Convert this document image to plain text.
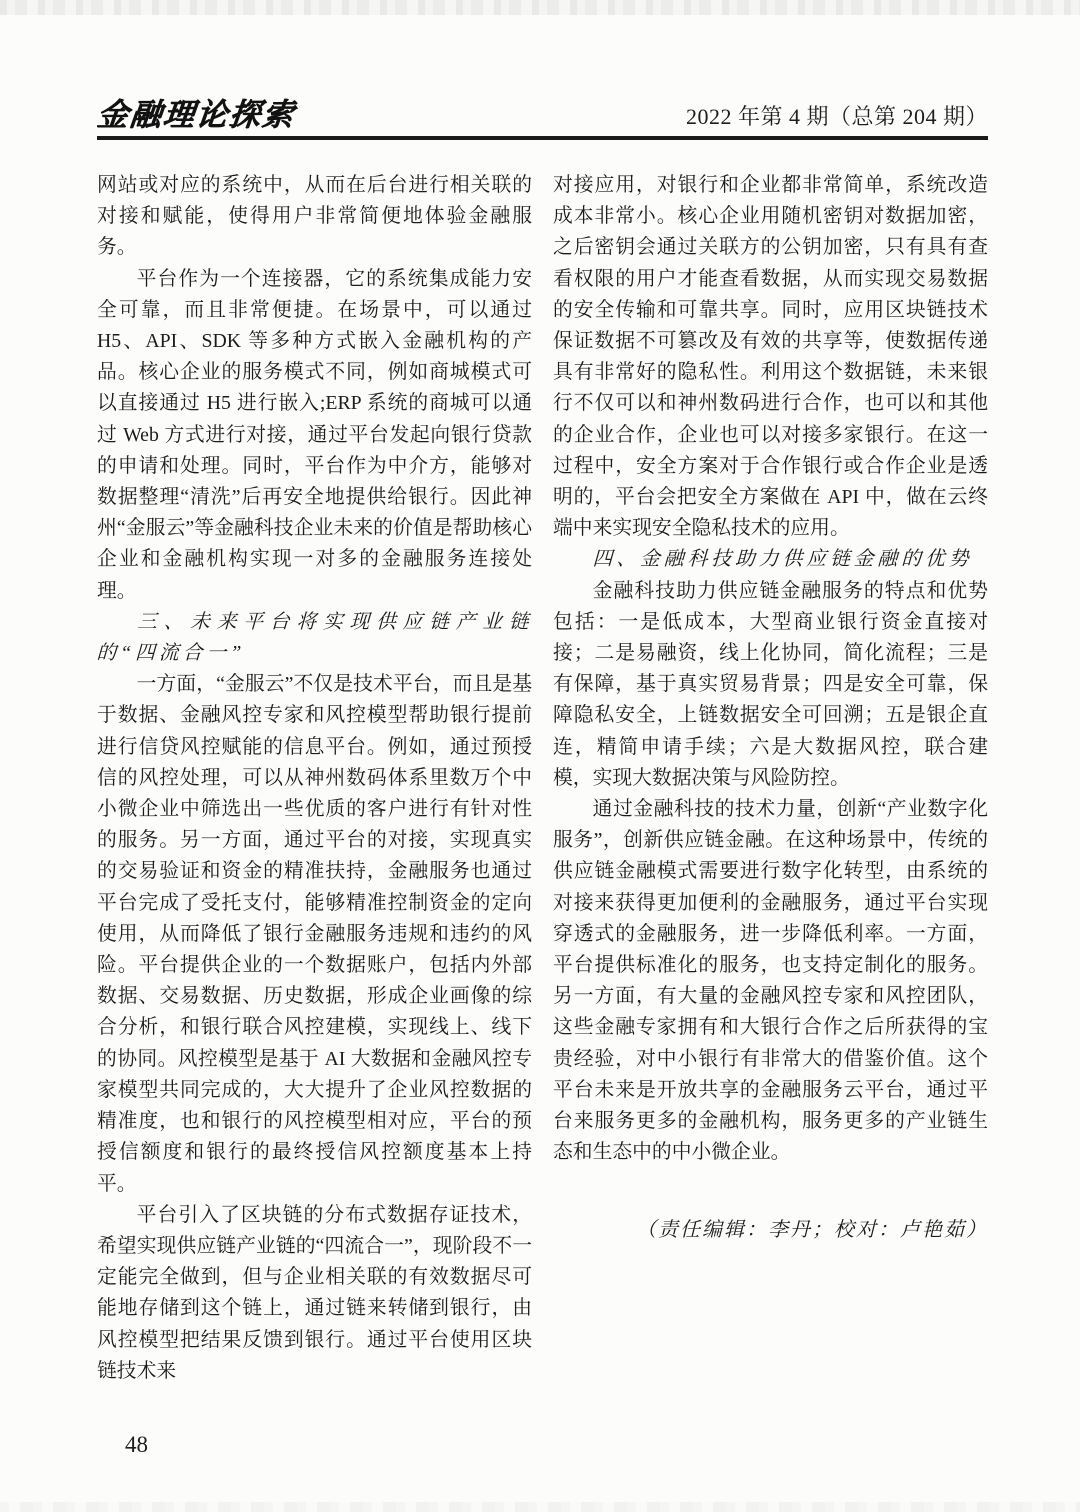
金融理论探索	2022 年第 4 期（总第 204 期）

网站或对应的系统中，从而在后台进行相关联的对接和赋能，使得用户非常简便地体验金融服务。

平台作为一个连接器，它的系统集成能力安全可靠，而且非常便捷。在场景中，可以通过 H5、API、SDK 等多种方式嵌入金融机构的产品。核心企业的服务模式不同，例如商城模式可以直接通过 H5 进行嵌入;ERP 系统的商城可以通过 Web 方式进行对接，通过平台发起向银行贷款的申请和处理。同时，平台作为中介方，能够对数据整理“清洗”后再安全地提供给银行。因此神州“金服云”等金融科技企业未来的价值是帮助核心企业和金融机构实现一对多的金融服务连接处理。

三、未来平台将实现供应链产业链的“四流合一”

一方面，“金服云”不仅是技术平台，而且是基于数据、金融风控专家和风控模型帮助银行提前进行信贷风控赋能的信息平台。例如，通过预授信的风控处理，可以从神州数码体系里数万个中小微企业中筛选出一些优质的客户进行有针对性的服务。另一方面，通过平台的对接，实现真实的交易验证和资金的精准扶持，金融服务也通过平台完成了受托支付，能够精准控制资金的定向使用，从而降低了银行金融服务违规和违约的风险。平台提供企业的一个数据账户，包括内外部数据、交易数据、历史数据，形成企业画像的综合分析，和银行联合风控建模，实现线上、线下的协同。风控模型是基于 AI 大数据和金融风控专家模型共同完成的，大大提升了企业风控数据的精准度，也和银行的风控模型相对应，平台的预授信额度和银行的最终授信风控额度基本上持平。

平台引入了区块链的分布式数据存证技术，希望实现供应链产业链的“四流合一”，现阶段不一定能完全做到，但与企业相关联的有效数据尽可能地存储到这个链上，通过链来转储到银行，由风控模型把结果反馈到银行。通过平台使用区块链技术来

对接应用，对银行和企业都非常简单，系统改造成本非常小。核心企业用随机密钥对数据加密，之后密钥会通过关联方的公钥加密，只有具有查看权限的用户才能查看数据，从而实现交易数据的安全传输和可靠共享。同时，应用区块链技术保证数据不可篡改及有效的共享等，使数据传递具有非常好的隐私性。利用这个数据链，未来银行不仅可以和神州数码进行合作，也可以和其他的企业合作，企业也可以对接多家银行。在这一过程中，安全方案对于合作银行或合作企业是透明的，平台会把安全方案做在 API 中，做在云终端中来实现安全隐私技术的应用。

四、金融科技助力供应链金融的优势

金融科技助力供应链金融服务的特点和优势包括：一是低成本，大型商业银行资金直接对接；二是易融资，线上化协同，简化流程；三是有保障，基于真实贸易背景；四是安全可靠，保障隐私安全，上链数据安全可回溯；五是银企直连，精简申请手续；六是大数据风控，联合建模，实现大数据决策与风险防控。

通过金融科技的技术力量，创新“产业数字化服务”，创新供应链金融。在这种场景中，传统的供应链金融模式需要进行数字化转型，由系统的对接来获得更加便利的金融服务，通过平台实现穿透式的金融服务，进一步降低利率。一方面，平台提供标准化的服务，也支持定制化的服务。另一方面，有大量的金融风控专家和风控团队，这些金融专家拥有和大银行合作之后所获得的宝贵经验，对中小银行有非常大的借鉴价值。这个平台未来是开放共享的金融服务云平台，通过平台来服务更多的金融机构，服务更多的产业链生态和生态中的中小微企业。

（责任编辑：李丹；校对：卢艳茹）

48
